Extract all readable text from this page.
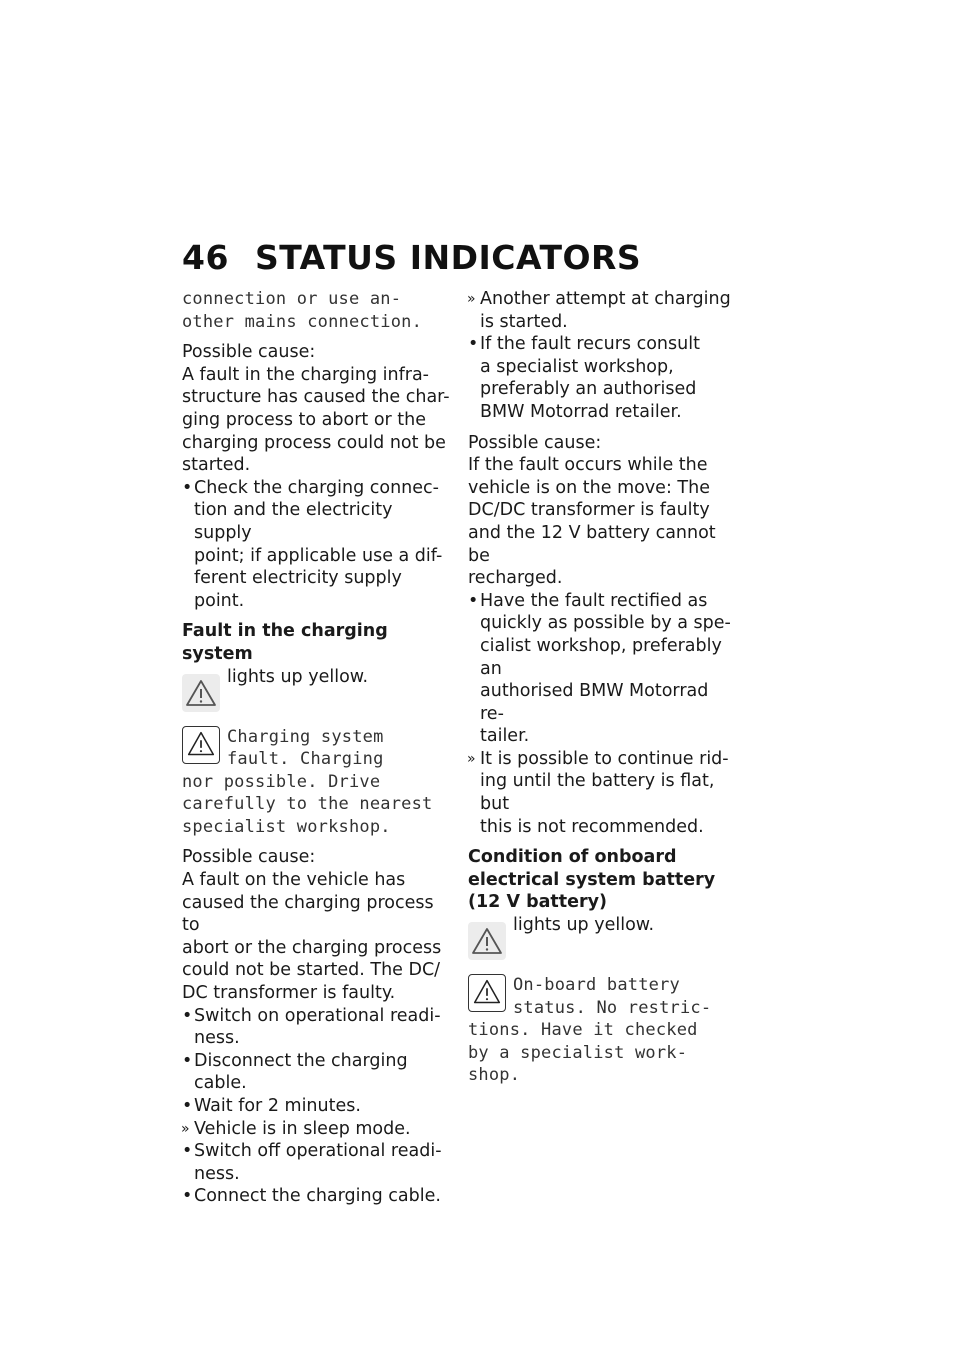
46 STATUS INDICATORS
connection or use an-
other mains connection.
Possible cause:
A fault in the charging infra-
structure has caused the char-
ging process to abort or the
charging process could not be
started.
• Check the charging connec-
tion and the electricity supply
point; if applicable use a dif-
ferent electricity supply point.
Fault in the charging system
lights up yellow.
Charging system
fault. Charging
nor possible. Drive
carefully to the nearest
specialist workshop.
Possible cause:
A fault on the vehicle has
caused the charging process to
abort or the charging process
could not be started. The DC/
DC transformer is faulty.
• Switch on operational readi-
ness.
• Disconnect the charging
cable.
• Wait for 2 minutes.
» Vehicle is in sleep mode.
• Switch off operational readi-
ness.
• Connect the charging cable.
» Another attempt at charging
is started.
• If the fault recurs consult
a specialist workshop,
preferably an authorised
BMW Motorrad retailer.
Possible cause:
If the fault occurs while the
vehicle is on the move: The
DC/DC transformer is faulty
and the 12 V battery cannot be
recharged.
• Have the fault rectified as
quickly as possible by a spe-
cialist workshop, preferably an
authorised BMW Motorrad re-
tailer.
» It is possible to continue rid-
ing until the battery is flat, but
this is not recommended.
Condition of onboard
electrical system battery
(12 V battery)
lights up yellow.
On-board battery
status. No restric-
tions. Have it checked
by a specialist work-
shop.
